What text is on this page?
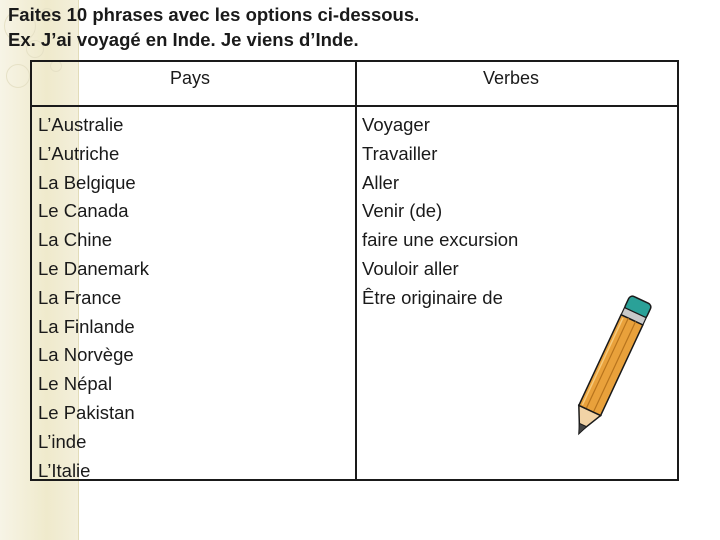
Faites 10 phrases avec les options ci-dessous.
Ex. J’ai voyagé en Inde. Je viens d’Inde.
Pays	Verbes
L’Australie
L’Autriche
La Belgique
Le Canada
La Chine
Le Danemark
La France
La Finlande
La Norvège
Le Népal
Le Pakistan
L’inde
L’Italie
Voyager
Travailler
Aller
Venir (de)
faire une excursion
Vouloir aller
Être originaire de
